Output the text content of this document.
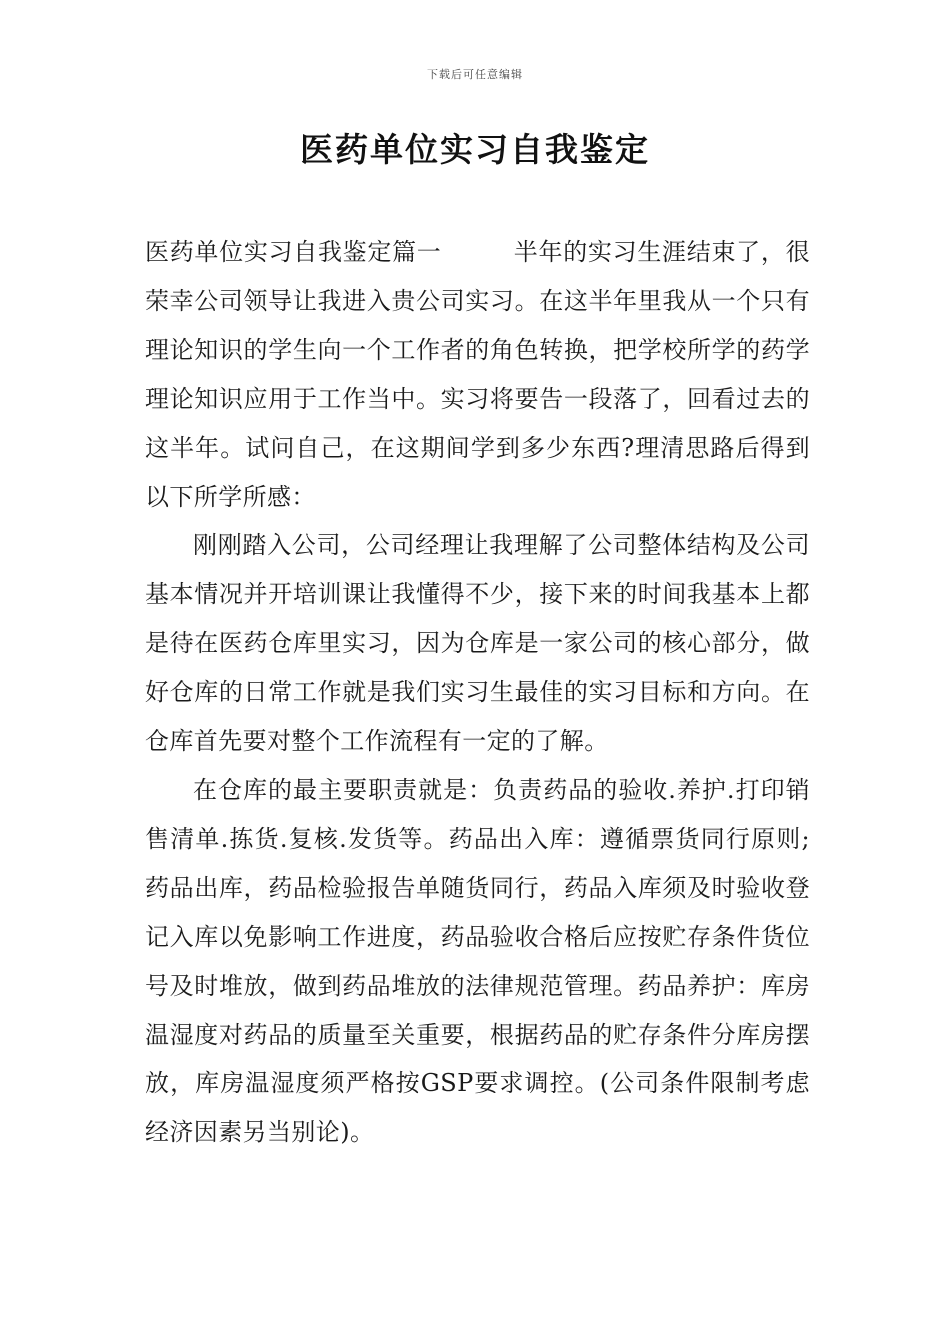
下载后可任意编辑
医药单位实习自我鉴定

医药单位实习自我鉴定篇一	半年的实习生涯结束了，很荣幸公司领导让我进入贵公司实习。在这半年里我从一个只有理论知识的学生向一个工作者的角色转换，把学校所学的药学理论知识应用于工作当中。实习将要告一段落了，回看过去的这半年。试问自己，在这期间学到多少东西?理清思路后得到以下所学所感：

刚刚踏入公司，公司经理让我理解了公司整体结构及公司基本情况并开培训课让我懂得不少，接下来的时间我基本上都是待在医药仓库里实习，因为仓库是一家公司的核心部分，做好仓库的日常工作就是我们实习生最佳的实习目标和方向。在仓库首先要对整个工作流程有一定的了解。

在仓库的最主要职责就是：负责药品的验收.养护.打印销售清单.拣货.复核.发货等。药品出入库：遵循票货同行原则;药品出库，药品检验报告单随货同行，药品入库须及时验收登记入库以免影响工作进度，药品验收合格后应按贮存条件货位号及时堆放，做到药品堆放的法律规范管理。药品养护：库房温湿度对药品的质量至关重要，根据药品的贮存条件分库房摆放，库房温湿度须严格按GSP要求调控。(公司条件限制考虑经济因素另当别论)。
